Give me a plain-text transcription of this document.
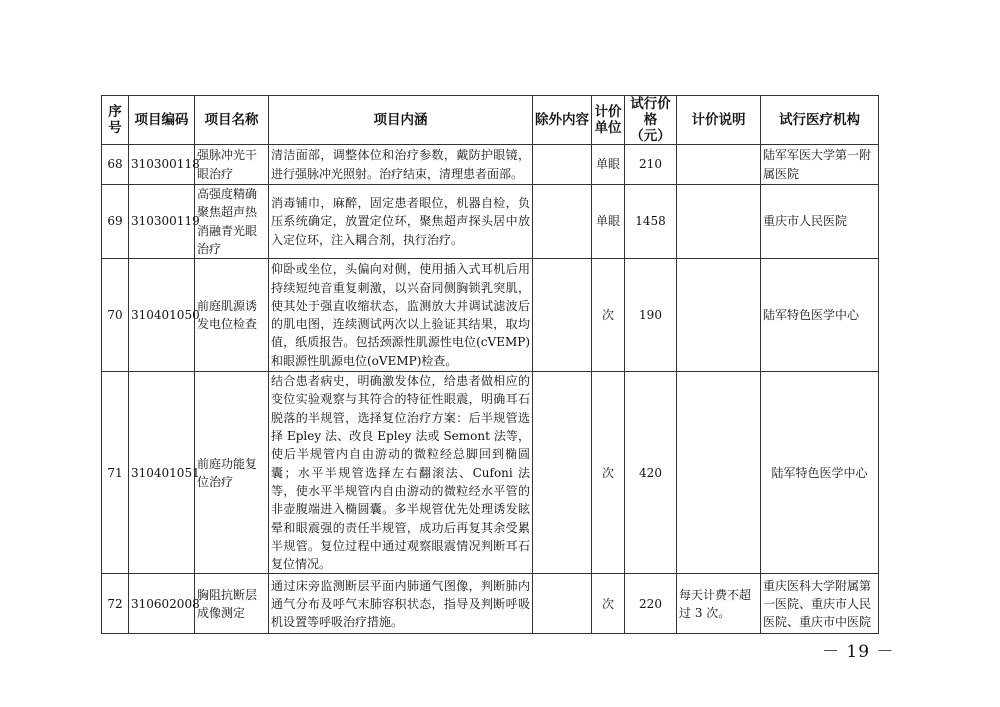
序号	项目编码	项目名称	项目内涵	除外内容	计价单位	试行价格（元）	计价说明	试行医疗机构
68	310300118	强脉冲光干眼治疗	清洁面部，调整体位和治疗参数，戴防护眼镜，进行强脉冲光照射。治疗结束，清理患者面部。		单眼	210		陆军军医大学第一附属医院
69	310300119	高强度精确聚焦超声热消融青光眼治疗	消毒铺巾，麻醉，固定患者眼位，机器自检，负压系统确定，放置定位环，聚焦超声探头居中放入定位环，注入耦合剂，执行治疗。		单眼	1458		重庆市人民医院
70	310401050	前庭肌源诱发电位检查	仰卧或坐位，头偏向对侧，使用插入式耳机后用持续短纯音重复刺激，以兴奋同侧胸锁乳突肌，使其处于强直收缩状态，监测放大并调试滤波后的肌电图，连续测试两次以上验证其结果，取均值，纸质报告。包括颈源性肌源性电位(cVEMP)和眼源性肌源电位(oVEMP)检查。		次	190		陆军特色医学中心
71	310401051	前庭功能复位治疗	结合患者病史，明确激发体位，给患者做相应的变位实验观察与其符合的特征性眼震，明确耳石脱落的半规管，选择复位治疗方案：后半规管选择 Epley 法、改良 Epley 法或 Semont 法等，使后半规管内自由游动的微粒经总脚回到椭圆囊；水平半规管选择左右翻滚法、Cufoni 法等，使水平半规管内自由游动的微粒经水平管的非壶腹端进入椭圆囊。多半规管优先处理诱发眩晕和眼震强的责任半规管，成功后再复其余受累半规管。复位过程中通过观察眼震情况判断耳石复位情况。		次	420		陆军特色医学中心
72	310602008	胸阻抗断层成像测定	通过床旁监测断层平面内肺通气图像，判断肺内通气分布及呼气末肺容积状态，指导及判断呼吸机设置等呼吸治疗措施。		次	220	每天计费不超过 3 次。	重庆医科大学附属第一医院、重庆市人民医院、重庆市中医院
－ 19 －
